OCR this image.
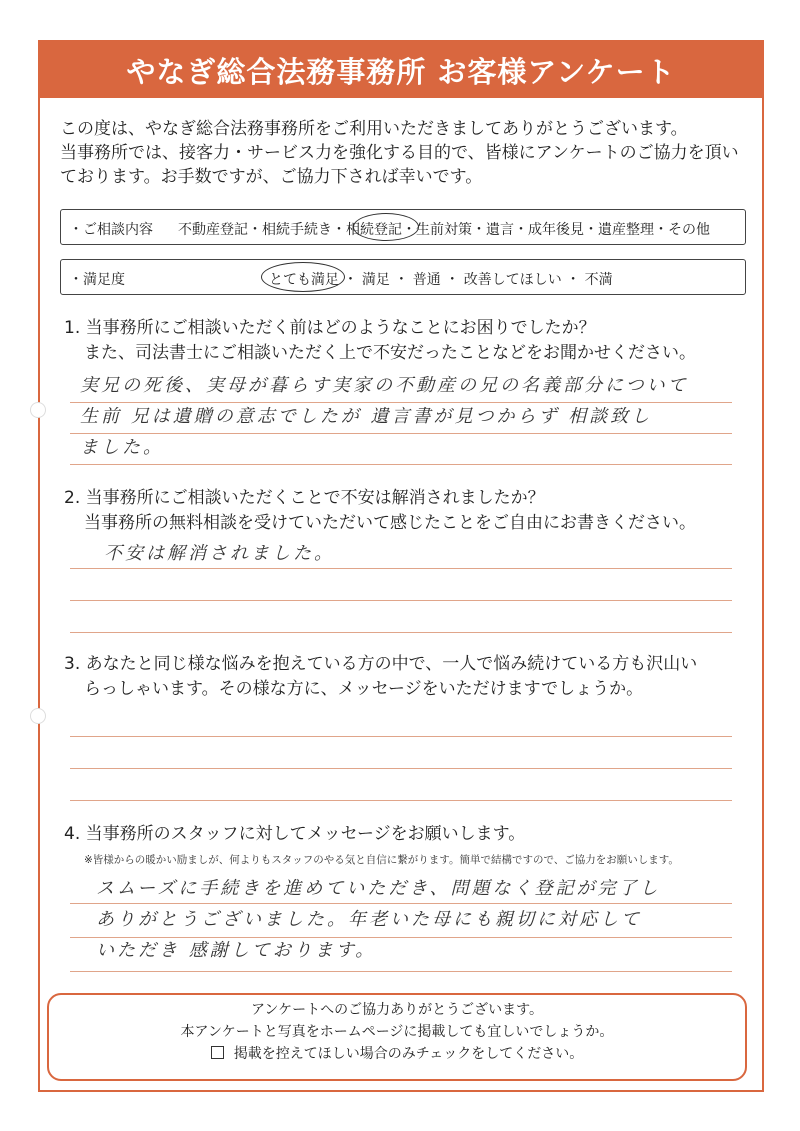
やなぎ総合法務事務所 お客様アンケート

この度は、やなぎ総合法務事務所をご利用いただきましてありがとうございます。

当事務所では、接客力・サービス力を強化する目的で、皆様にアンケートのご協力を頂い

ております。お手数ですが、ご協力下されば幸いです。

・ご相談内容 不動産登記・相続手続き・相続登記・生前対策・遺言・成年後見・遺産整理・その他
・満足度	とても満足 ・ 満足 ・ 普通 ・ 改善してほしい ・ 不満

1. 当事務所にご相談いただく前はどのようなことにお困りでしたか？

また、司法書士にご相談いただく上で不安だったことなどをお聞かせください。

実兄の死後、実母が暮らす実家の不動産の兄の名義部分について
生前 兄は遺贈の意志でしたが 遺言書が見つからず 相談致し
ました。

2. 当事務所にご相談いただくことで不安は解消されましたか？

当事務所の無料相談を受けていただいて感じたことをご自由にお書きください。

不安は解消されました。

3. あなたと同じ様な悩みを抱えている方の中で、一人で悩み続けている方も沢山い

らっしゃいます。その様な方に、メッセージをいただけますでしょうか。

4. 当事務所のスタッフに対してメッセージをお願いします。

※皆様からの暖かい励ましが、何よりもスタッフのやる気と自信に繋がります。簡単で結構ですので、ご協力をお願いします。
スムーズに手続きを進めていただき、問題なく登記が完了し
ありがとうございました。年老いた母にも親切に対応して
いただき 感謝しております。

アンケートへのご協力ありがとうございます。

本アンケートと写真をホームページに掲載しても宜しいでしょうか。

掲載を控えてほしい場合のみチェックをしてください。
